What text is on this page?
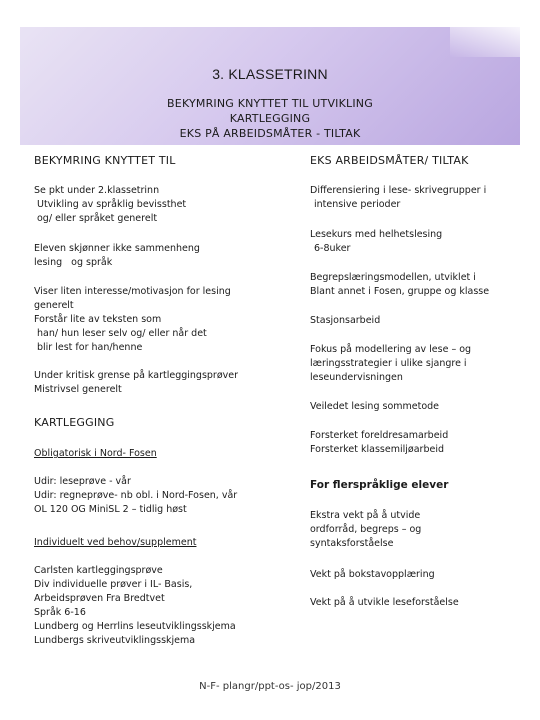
3. KLASSETRINN
BEKYMRING KNYTTET TIL UTVIKLING
KARTLEGGING
EKS PÅ ARBEIDSMÅTER - TILTAK
BEKYMRING KNYTTET TIL
Se pkt under 2.klassetrinn
Utvikling av språklig bevissthet
og/ eller språket generelt
Eleven skjønner ikke sammenheng
lesing   og språk
Viser liten interesse/motivasjon for lesing
generelt
Forstår lite av teksten som
han/ hun leser selv og/ eller når det
blir lest for han/henne
Under kritisk grense på kartleggingsprøver
Mistrivsel generelt
KARTLEGGING
Obligatorisk i Nord- Fosen
Udir: leseprøve - vår
Udir: regneprøve- nb obl. i Nord-Fosen, vår
OL 120 OG MiniSL 2 – tidlig høst
Individuelt ved behov/supplement
Carlsten kartleggingsprøve
Div individuelle prøver i IL- Basis,
Arbeidsprøven Fra Bredtvet
Språk 6-16
Lundberg og Herrlins leseutviklingsskjema
Lundbergs skriveutviklingsskjema
EKS ARBEIDSMÅTER/ TILTAK
Differensiering i lese- skrivegrupper i
intensive perioder
Lesekurs med helhetslesing
6-8uker
Begrepslæringsmodellen, utviklet i
Blant annet i Fosen, gruppe og klasse
Stasjonsarbeid
Fokus på modellering av lese – og
læringsstrategier i ulike sjangre i
leseundervisningen
Veiledet lesing sommetode
Forsterket foreldresamarbeid
Forsterket klassemiljøarbeid
For flerspråklige elever
Ekstra vekt på å utvide
ordforråd, begreps – og
syntaksforståelse
Vekt på bokstavopplæring
Vekt på å utvikle leseforståelse
N-F- plangr/ppt-os- jop/2013
